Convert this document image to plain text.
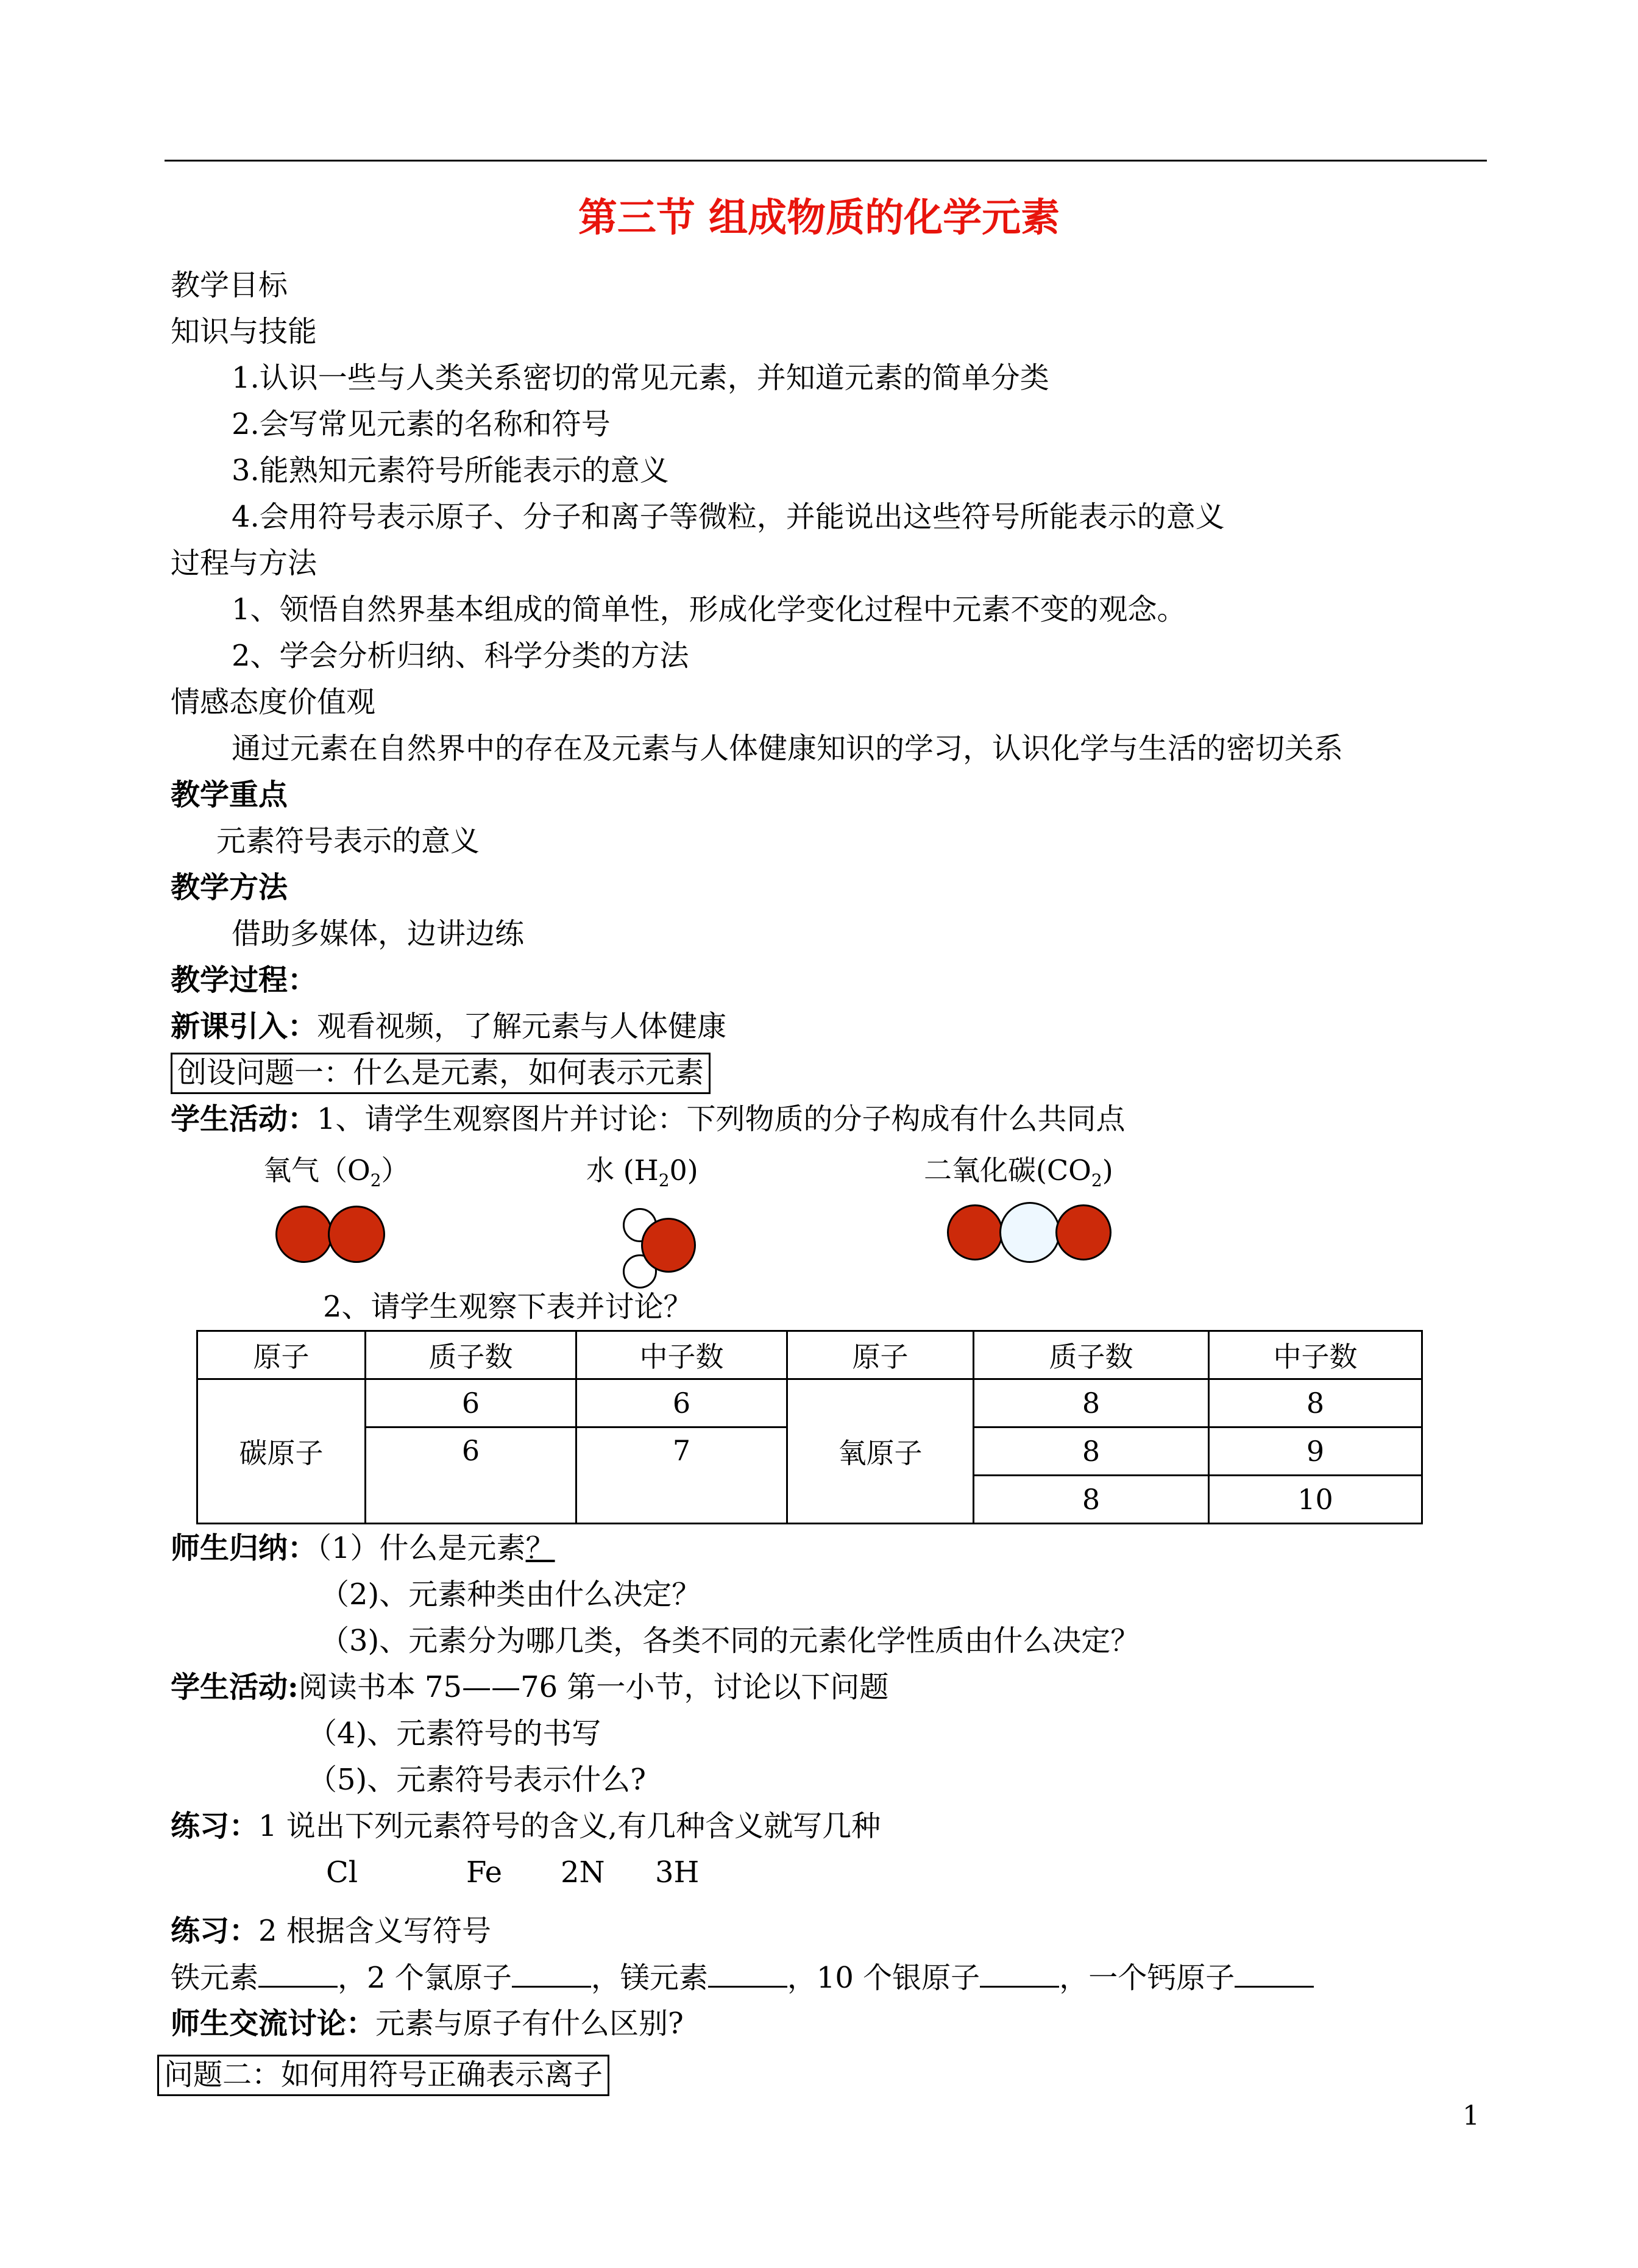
第三节 组成物质的化学元素
教学目标
知识与技能
1.认识一些与人类关系密切的常见元素，并知道元素的简单分类
2.会写常见元素的名称和符号
3.能熟知元素符号所能表示的意义
4.会用符号表示原子、分子和离子等微粒，并能说出这些符号所能表示的意义
过程与方法
1、领悟自然界基本组成的简单性，形成化学变化过程中元素不变的观念。
2、学会分析归纳、科学分类的方法
情感态度价值观
通过元素在自然界中的存在及元素与人体健康知识的学习，认识化学与生活的密切关系
教学重点
元素符号表示的意义
教学方法
借助多媒体，边讲边练
教学过程：
新课引入：观看视频，了解元素与人体健康
创设问题一：什么是元素，如何表示元素
学生活动：1、请学生观察图片并讨论：下列物质的分子构成有什么共同点
氧气$(O_2)$	水 $(H_20)$	二氧化碳$(CO_2)$
2、请学生观察下表并讨论？
原子	质子数	中子数	原子	质子数	中子数
碳原子	6	6	氧原子	8	8
	6	7		8	9
				8	10
师生归纳：（1）什么是元素？
（2)、元素种类由什么决定？
（3)、元素分为哪几类，各类不同的元素化学性质由什么决定？
学生活动:阅读书本 75——76 第一小节，讨论以下问题
（4)、元素符号的书写
（5)、元素符号表示什么?
练习：1 说出下列元素符号的含义,有几种含义就写几种
Cl	Fe 2N 3H
练习：2 根据含义写符号
铁元素	，2 个氯原子	，镁元素	，10 个银原子	，一个钙原子
师生交流讨论：元素与原子有什么区别?
问题二：如何用符号正确表示离子
1
